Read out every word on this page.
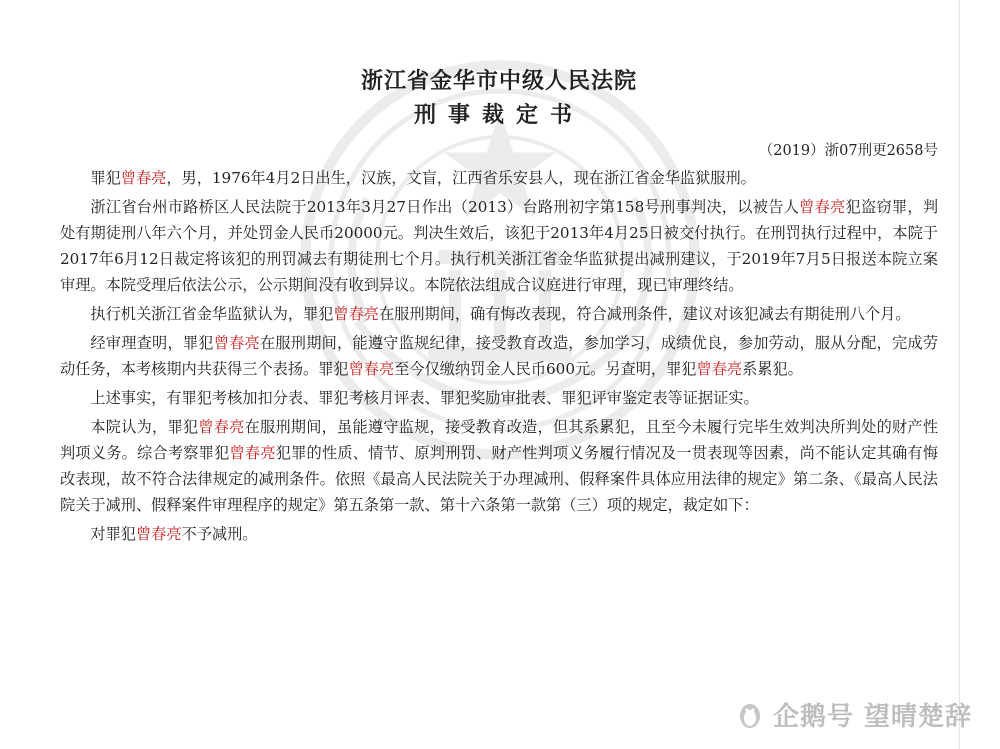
浙江省金华市中级人民法院
刑事裁定书

（2019）浙07刑更2658号

罪犯曾春亮，男，1976年4月2日出生，汉族，文盲，江西省乐安县人，现在浙江省金华监狱服刑。

浙江省台州市路桥区人民法院于2013年3月27日作出（2013）台路刑初字第158号刑事判决，以被告人曾春亮犯盗窃罪，判处有期徒刑八年六个月，并处罚金人民币20000元。判决生效后，该犯于2013年4月25日被交付执行。在刑罚执行过程中，本院于2017年6月12日裁定将该犯的刑罚减去有期徒刑七个月。执行机关浙江省金华监狱提出减刑建议，于2019年7月5日报送本院立案审理。本院受理后依法公示，公示期间没有收到异议。本院依法组成合议庭进行审理，现已审理终结。

执行机关浙江省金华监狱认为，罪犯曾春亮在服刑期间，确有悔改表现，符合减刑条件，建议对该犯减去有期徒刑八个月。

经审理查明，罪犯曾春亮在服刑期间，能遵守监规纪律，接受教育改造，参加学习，成绩优良，参加劳动，服从分配，完成劳动任务，本考核期内共获得三个表扬。罪犯曾春亮至今仅缴纳罚金人民币600元。另查明，罪犯曾春亮系累犯。

上述事实，有罪犯考核加扣分表、罪犯考核月评表、罪犯奖励审批表、罪犯评审鉴定表等证据证实。

本院认为，罪犯曾春亮在服刑期间，虽能遵守监规，接受教育改造，但其系累犯，且至今未履行完毕生效判决所判处的财产性判项义务。综合考察罪犯曾春亮犯罪的性质、情节、原判刑罚、财产性判项义务履行情况及一贯表现等因素，尚不能认定其确有悔改表现，故不符合法律规定的减刑条件。依照《最高人民法院关于办理减刑、假释案件具体应用法律的规定》第二条、《最高人民法院关于减刑、假释案件审理程序的规定》第五条第一款、第十六条第一款第（三）项的规定，裁定如下：

对罪犯曾春亮不予减刑。

企鹅号 望晴楚辞
